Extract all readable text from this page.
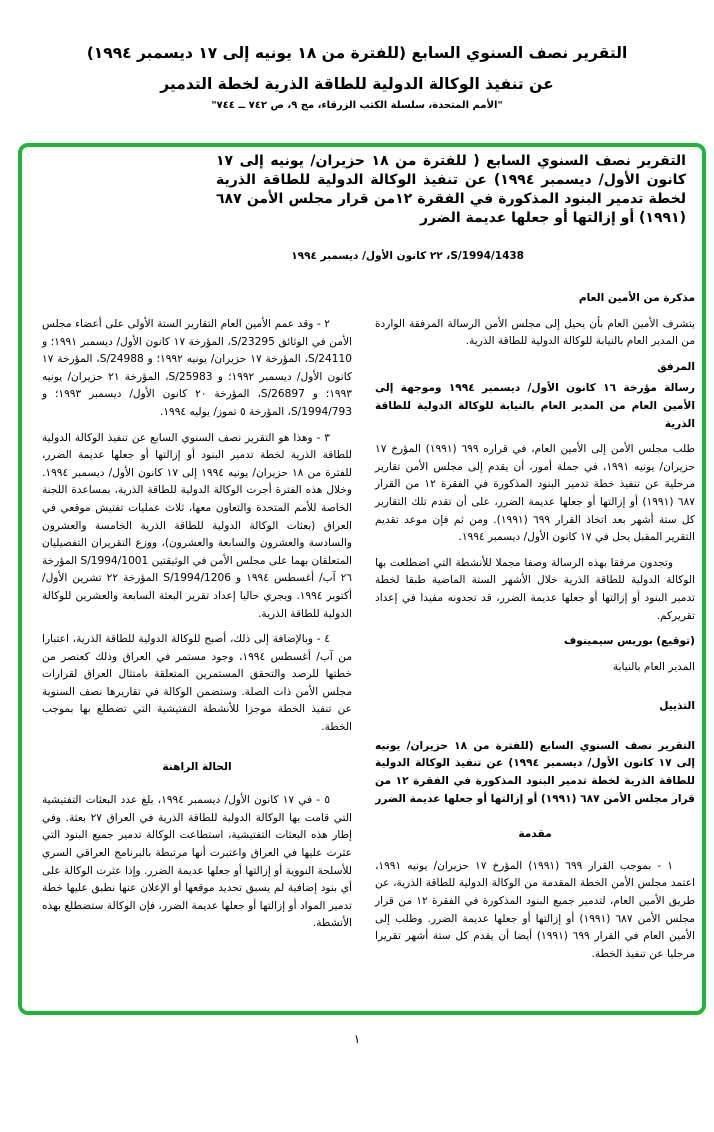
التقرير نصف السنوي السابع (للفترة من ١٨ يونيه إلى ١٧ ديسمبر ١٩٩٤)
عن تنفيذ الوكالة الدولية للطاقة الذرية لخطة التدمير
"الأمم المتحدة، سلسلة الكتب الزرقاء، مج ٩، ص ٧٤٢ ــ ٧٤٤"
التقرير نصف السنوي السابع ( للفترة من ١٨ حزيران/ يونيه إلى ١٧ كانون الأول/ ديسمبر ١٩٩٤) عن تنفيذ الوكالة الدولية للطاقة الذرية لخطة تدمير البنود المذكورة في الفقرة ١٢من قرار مجلس الأمن ٦٨٧ (١٩٩١) أو إزالتها أو جعلها عديمة الضرر
S/1994/1438، ٢٢ كانون الأول/ ديسمبر ١٩٩٤

مذكرة من الأمين العام

يتشرف الأمين العام بأن يحيل إلى مجلس الأمن الرسالة المرفقة الواردة من المدير العام بالنيابة للوكالة الدولية للطاقة الذرية.

المرفق

رسالة مؤرخة ١٦ كانون الأول/ ديسمبر ١٩٩٤ وموجهة إلى الأمين العام من المدير العام بالنيابة للوكالة الدولية للطاقة الذرية

طلب مجلس الأمن إلى الأمين العام، في قراره ٦٩٩ (١٩٩١) المؤرخ ١٧ حزيران/ يونيه ١٩٩١، في جملة أمور، أن يقدم إلى مجلس الأمن تقارير مرحلية عن تنفيذ خطة تدمير البنود المذكورة في الفقرة ١٢ من القرار ٦٨٧ (١٩٩١) أو إزالتها أو جعلها عديمة الضرر، على أن تقدم تلك التقارير كل ستة أشهر بعد اتخاذ القرار ٦٩٩ (١٩٩١). ومن ثم فإن موعد تقديم التقرير المقبل يحل في ١٧ كانون الأول/ ديسمبر ١٩٩٤.

وتجدون مرفقا بهذه الرسالة وصفا مجملا للأنشطة التي اضطلعت بها الوكالة الدولية للطاقة الذرية خلال الأشهر الستة الماضية طبقا لخطة تدمير البنود أو إزالتها أو جعلها عديمة الضرر، قد تجدونه مفيدا في إعداد تقريركم.

(توقيع) بوريس سيمينوف

المدير العام بالنيابة

التذييل

التقرير نصف السنوي السابع (للفترة من ١٨ حزيران/ يونيه إلى ١٧ كانون الأول/ ديسمبر ١٩٩٤) عن تنفيذ الوكالة الدولية للطاقة الذرية لخطة تدمير البنود المذكورة في الفقرة ١٢ من قرار مجلس الأمن ٦٨٧ (١٩٩١) أو إزالتها أو جعلها عديمة الضرر

مقدمة

١ - بموجب القرار ٦٩٩ (١٩٩١) المؤرخ ١٧ حزيران/ يونيه ١٩٩١، اعتمد مجلس الأمن الخطة المقدمة من الوكالة الدولية للطاقة الذرية، عن طريق الأمين العام، لتدمير جميع البنود المذكورة في الفقرة ١٢ من قرار مجلس الأمن ٦٨٧ (١٩٩١) أو إزالتها أو جعلها عديمة الضرر. وطلب إلى الأمين العام في القرار ٦٩٩ (١٩٩١) أيضا أن يقدم كل ستة أشهر تقريرا مرحليا عن تنفيذ الخطة.

٢ - وقد عمم الأمين العام التقارير الستة الأولى على أعضاء مجلس الأمن في الوثائق S/23295، المؤرخة ١٧ كانون الأول/ ديسمبر ١٩٩١؛ و S/24110، المؤرخة ١٧ حزيران/ يونيه ١٩٩٢؛ و S/24988، المؤرخة ١٧ كانون الأول/ ديسمبر ١٩٩٢؛ و S/25983، المؤرخة ٢١ حزيران/ يونيه ١٩٩٣؛ و S/26897، المؤرخة ٢٠ كانون الأول/ ديسمبر ١٩٩٣؛ و S/1994/793، المؤرخة ٥ تموز/ يوليه ١٩٩٤.

٣ - وهذا هو التقرير نصف السنوي السابع عن تنفيذ الوكالة الدولية للطاقة الذرية لخطة تدمير البنود أو إزالتها أو جعلها عديمة الضرر، للفترة من ١٨ حزيران/ يونيه ١٩٩٤ إلى ١٧ كانون الأول/ ديسمبر ١٩٩٤. وخلال هذه الفترة أجرت الوكالة الدولية للطاقة الذرية، بمساعدة اللجنة الخاصة للأمم المتحدة والتعاون معها، ثلاث عمليات تفتيش موقعي في العراق (بعثات الوكالة الدولية للطاقة الذرية الخامسة والعشرون والسادسة والعشرون والسابعة والعشرون)، ووزع التقريران التفصيليان المتعلقان بهما على مجلس الأمن في الوثيقتين S/1994/1001 المؤرخة ٢٦ آب/ أغسطس ١٩٩٤ و S/1994/1206 المؤرخة ٢٢ تشرين الأول/ أكتوبر ١٩٩٤. ويجري حاليا إعداد تقرير البعثة السابعة والعشرين للوكالة الدولية للطاقة الذرية.

٤ - وبالإضافة إلى ذلك، أصبح للوكالة الدولية للطاقة الذرية، اعتبارا من آب/ أغسطس ١٩٩٤، وجود مستمر في العراق وذلك كعنصر من خطتها للرصد والتحقق المستمرين المتعلقة بامتثال العراق لقرارات مجلس الأمن ذات الصلة. وستضمن الوكالة في تقاريرها نصف السنوية عن تنفيذ الخطة موجزا للأنشطة التفتيشية التي تضطلع بها بموجب الخطة.

الحالة الراهنة

٥ - في ١٧ كانون الأول/ ديسمبر ١٩٩٤، بلغ عدد البعثات التفتيشية التي قامت بها الوكالة الدولية للطاقة الذرية في العراق ٢٧ بعثة. وفي إطار هذه البعثات التفتيشية، استطاعت الوكالة تدمير جميع البنود التي عثرت عليها في العراق واعتبرت أنها مرتبطة بالبرنامج العراقي السري للأسلحة النووية أو إزالتها أو جعلها عديمة الضرر. وإذا عثرت الوكالة على أي بنود إضافية لم يسبق تحديد موقعها أو الإعلان عنها نطبق عليها خطة تدمير المواد أو إزالتها أو جعلها عديمة الضرر، فإن الوكالة ستضطلع بهذه الأنشطة.

١
